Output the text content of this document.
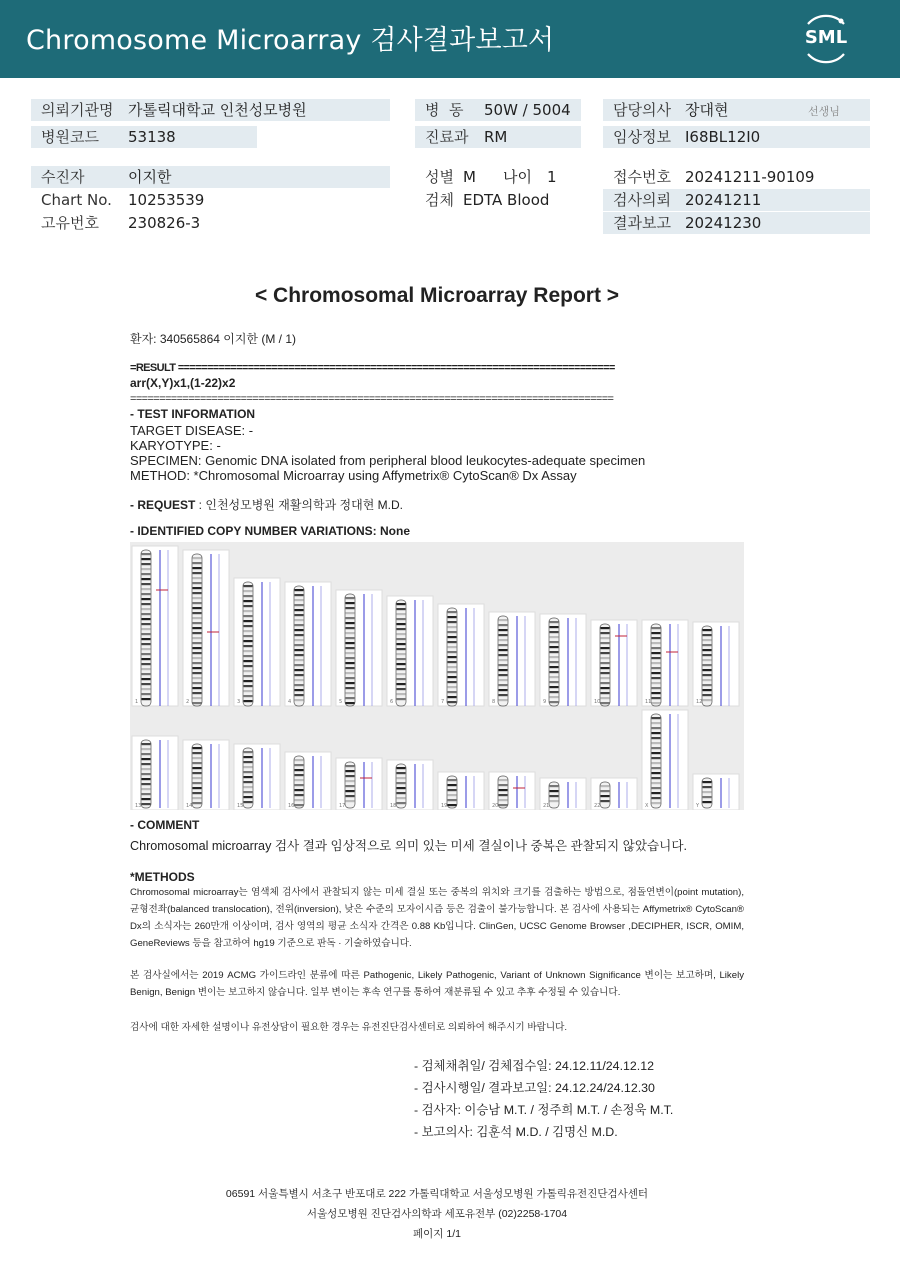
Chromosome Microarray 검사결과보고서	SML
의뢰기관명 가톨릭대학교 인천성모병원	병  동 50W / 5004	담당의사 장대현	선생님
병원코드 53138	진료과 RM	임상정보 I68BL12I0
수진자	이지한	성별 M 나이 1	접수번호 20241211-90109
Chart No. 10253539	검체 EDTA Blood	검사의뢰 20241211
고유번호 230826-3	결과보고 20241230
< Chromosomal Microarray Report >
환자: 340565864 이지한 (M / 1)
=RESULT ===========================================================================
arr(X,Y)x1,(1-22)x2
===================================================================================
- TEST INFORMATION
TARGET DISEASE: -
KARYOTYPE: -
SPECIMEN: Genomic DNA isolated from peripheral blood leukocytes-adequate specimen
METHOD: *Chromosomal Microarray using Affymetrix® CytoScan® Dx Assay
- REQUEST : 인천성모병원 재활의학과 정대현 M.D.
- IDENTIFIED COPY NUMBER VARIATIONS: None
1	2	3	4	5	6	7	8	9	10	11	12
13	14	15	16	17	18	19	20	21	22	X	Y
- COMMENT
Chromosomal microarray 검사 결과 임상적으로 의미 있는 미세 결실이나 중복은 관찰되지 않았습니다.
*METHODS
Chromosomal microarray는 염색체 검사에서 관찰되지 않는 미세 결실 또는 중복의 위치와 크기를 검출하는 방법으로, 점돌연변이(point mutation), 균형전좌(balanced translocation), 전위(inversion), 낮은 수준의 모자이시즘 등은 검출이 불가능합니다. 본 검사에 사용되는 Affymetrix® CytoScan® Dx의 소식자는 260만개 이상이며, 검사 영역의 평균 소식자 간격은 0.88 Kb입니다. ClinGen, UCSC Genome Browser ,DECIPHER, ISCR, OMIM, GeneReviews 등을 참고하여 hg19 기준으로 판독 · 기술하였습니다.
본 검사실에서는 2019 ACMG 가이드라인 분류에 따른 Pathogenic, Likely Pathogenic, Variant of Unknown Significance 변이는 보고하며, Likely Benign, Benign 변이는 보고하지 않습니다. 일부 변이는 후속 연구를 통하여 재분류될 수 있고 추후 수정될 수 있습니다.
검사에 대한 자세한 설명이나 유전상담이 필요한 경우는 유전진단검사센터로 의뢰하여 해주시기 바랍니다.
- 검체채취일/ 검체접수일: 24.12.11/24.12.12
- 검사시행일/ 결과보고일: 24.12.24/24.12.30
- 검사자: 이승남 M.T. / 정주희 M.T. / 손정욱 M.T.
- 보고의사: 김훈석 M.D. / 김명신 M.D.
06591 서울특별시 서초구 반포대로 222 가톨릭대학교 서울성모병원 가톨릭유전진단검사센터
서울성모병원 진단검사의학과 세포유전부 (02)2258-1704
페이지 1/1
